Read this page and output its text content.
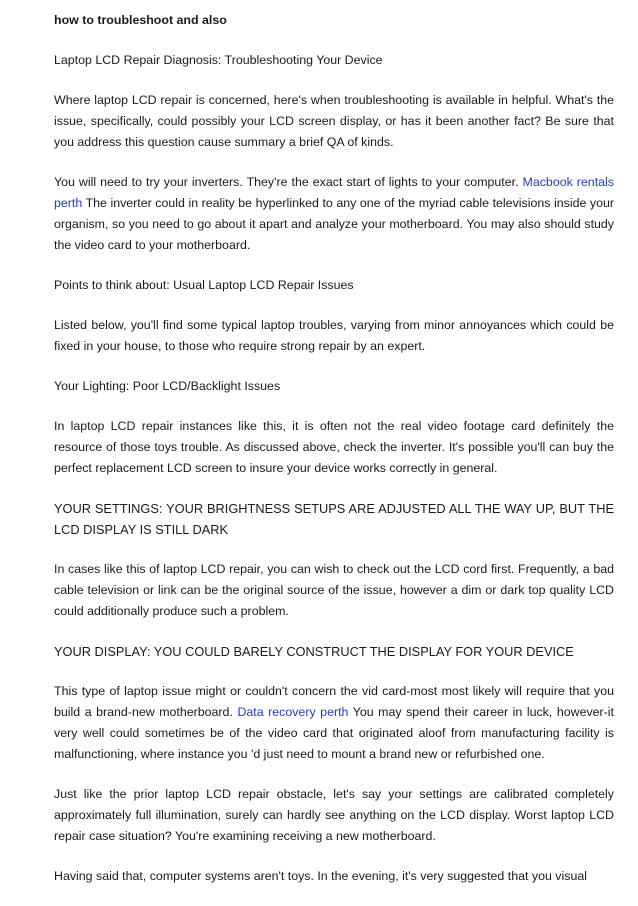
how to troubleshoot and also

Laptop LCD Repair Diagnosis: Troubleshooting Your Device

Where laptop LCD repair is concerned, here's when troubleshooting is available in helpful. What's the issue, specifically, could possibly your LCD screen display, or has it been another fact? Be sure that you address this question cause summary a brief QA of kinds.

You will need to try your inverters. They're the exact start of lights to your computer. Macbook rentals perth The inverter could in reality be hyperlinked to any one of the myriad cable televisions inside your organism, so you need to go about it apart and analyze your motherboard. You may also should study the video card to your motherboard.

Points to think about: Usual Laptop LCD Repair Issues

Listed below, you'll find some typical laptop troubles, varying from minor annoyances which could be fixed in your house, to those who require strong repair by an expert.

Your Lighting: Poor LCD/Backlight Issues

In laptop LCD repair instances like this, it is often not the real video footage card definitely the resource of those toys trouble. As discussed above, check the inverter. It's possible you'll can buy the perfect replacement LCD screen to insure your device works correctly in general.

YOUR SETTINGS: YOUR BRIGHTNESS SETUPS ARE ADJUSTED ALL THE WAY UP, BUT THE LCD DISPLAY IS STILL DARK

In cases like this of laptop LCD repair, you can wish to check out the LCD cord first. Frequently, a bad cable television or link can be the original source of the issue, however a dim or dark top quality LCD could additionally produce such a problem.

YOUR DISPLAY: YOU COULD BARELY CONSTRUCT THE DISPLAY FOR YOUR DEVICE

This type of laptop issue might or couldn't concern the vid card-most most likely will require that you build a brand-new motherboard. Data recovery perth You may spend their career in luck, however-it very well could sometimes be of the video card that originated aloof from manufacturing facility is malfunctioning, where instance you 'd just need to mount a brand new or refurbished one.

Just like the prior laptop LCD repair obstacle, let's say your settings are calibrated completely approximately full illumination, surely can hardly see anything on the LCD display. Worst laptop LCD repair case situation? You're examining receiving a new motherboard.

Having said that, computer systems aren't toys. In the evening, it's very suggested that you visual
